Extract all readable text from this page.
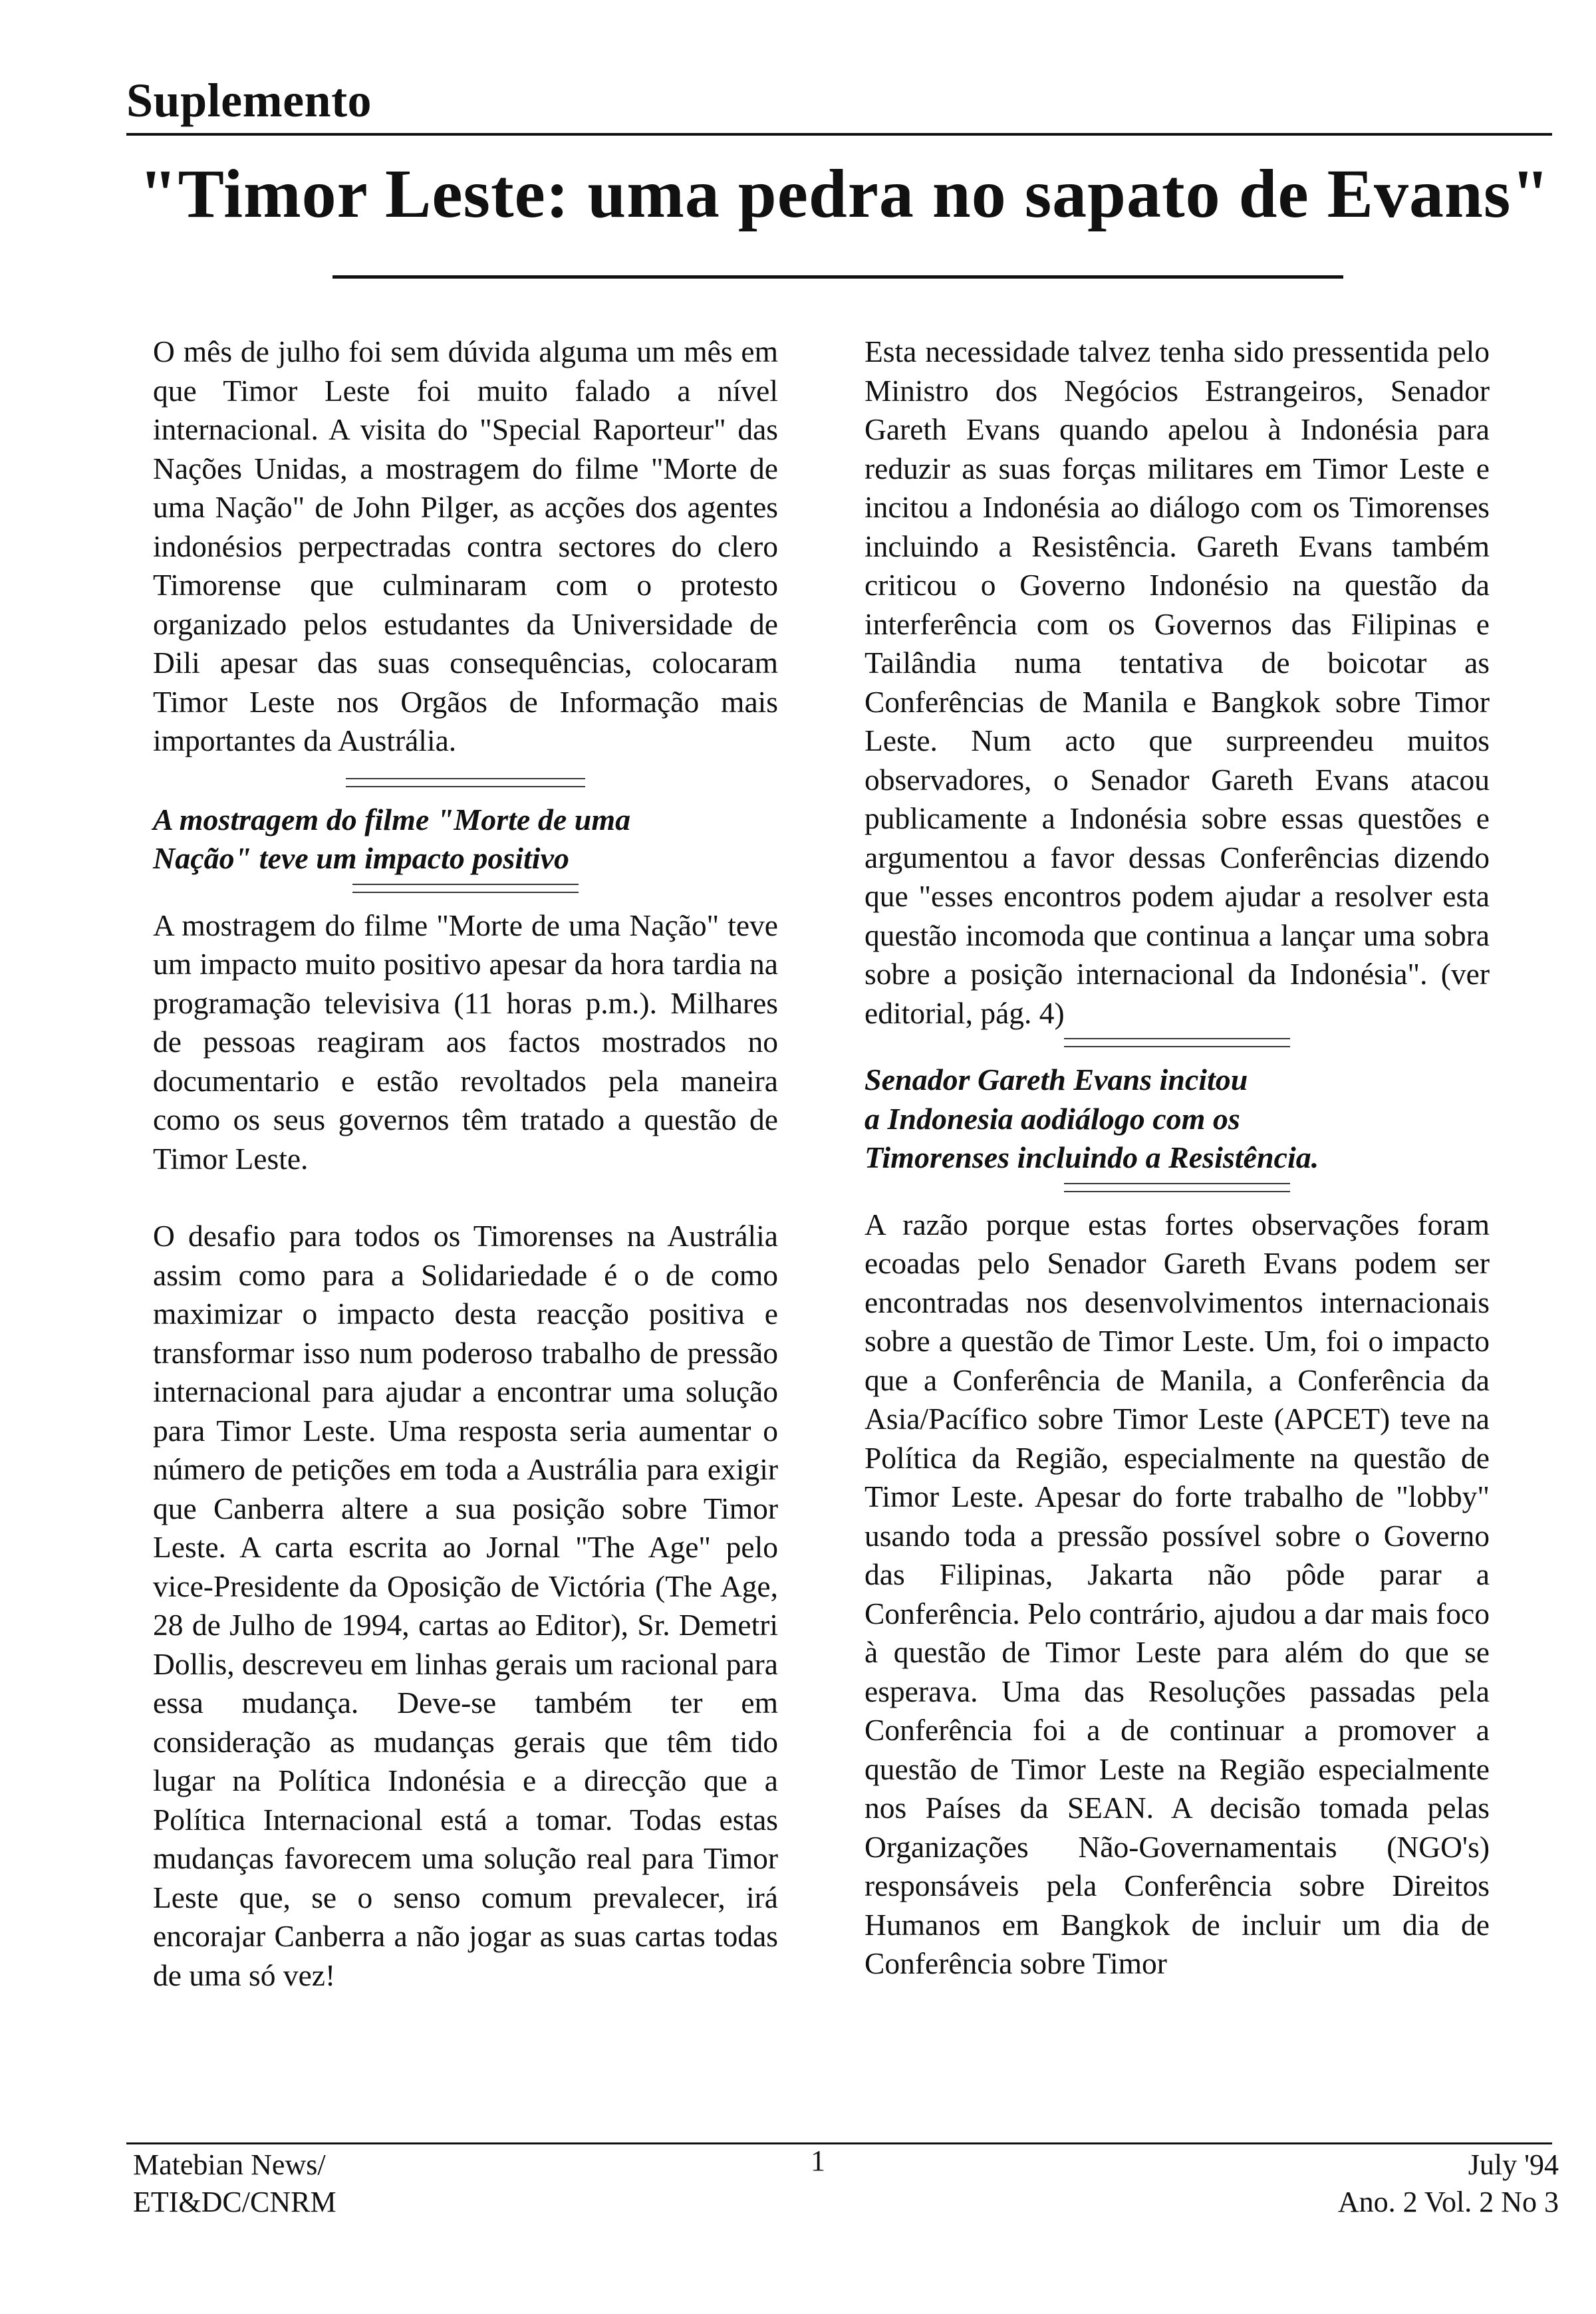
Suplemento
"Timor Leste: uma pedra no sapato de Evans"

O mês de julho foi sem dúvida alguma um mês em que Timor Leste foi muito falado a nível internacional. A visita do "Special Raporteur" das Nações Unidas, a mostragem do filme "Morte de uma Nação" de John Pilger, as acções dos agentes indonésios perpectradas contra sectores do clero Timorense que culminaram com o protesto organizado pelos estudantes da Universidade de Dili apesar das suas consequências, colocaram Timor Leste nos Orgãos de Informação mais importantes da Austrália.

A mostragem do filme "Morte de uma
Nação" teve um impacto positivo

A mostragem do filme "Morte de uma Nação" teve um impacto muito positivo apesar da hora tardia na programação televisiva (11 horas p.m.). Milhares de pessoas reagiram aos factos mostrados no documentario e estão revoltados pela maneira como os seus governos têm tratado a questão de Timor Leste.

O desafio para todos os Timorenses na Austrália assim como para a Solidariedade é o de como maximizar o impacto desta reacção positiva e transformar isso num poderoso trabalho de pressão internacional para ajudar a encontrar uma solução para Timor Leste. Uma resposta seria aumentar o número de petições em toda a Austrália para exigir que Canberra altere a sua posição sobre Timor Leste. A carta escrita ao Jornal "The Age" pelo vice-Presidente da Oposição de Victória (The Age, 28 de Julho de 1994, cartas ao Editor), Sr. Demetri Dollis, descreveu em linhas gerais um racional para essa mudança. Deve-se também ter em consideração as mudanças gerais que têm tido lugar na Política Indonésia e a direcção que a Política Internacional está a tomar. Todas estas mudanças favorecem uma solução real para Timor Leste que, se o senso comum prevalecer, irá encorajar Canberra a não jogar as suas cartas todas de uma só vez!

Esta necessidade talvez tenha sido pressentida pelo Ministro dos Negócios Estrangeiros, Senador Gareth Evans quando apelou à Indonésia para reduzir as suas forças militares em Timor Leste e incitou a Indonésia ao diálogo com os Timorenses incluindo a Resistência. Gareth Evans também criticou o Governo Indonésio na questão da interferência com os Governos das Filipinas e Tailândia numa tentativa de boicotar as Conferências de Manila e Bangkok sobre Timor Leste. Num acto que surpreendeu muitos observadores, o Senador Gareth Evans atacou publicamente a Indonésia sobre essas questões e argumentou a favor dessas Conferências dizendo que "esses encontros podem ajudar a resolver esta questão incomoda que continua a lançar uma sobra sobre a posição internacional da Indonésia". (ver editorial, pág. 4)

Senador Gareth Evans incitou
a Indonesia aodiálogo com os
Timorenses incluindo a Resistência.

A razão porque estas fortes observações foram ecoadas pelo Senador Gareth Evans podem ser encontradas nos desenvolvimentos internacionais sobre a questão de Timor Leste. Um, foi o impacto que a Conferência de Manila, a Conferência da Asia/Pacífico sobre Timor Leste (APCET) teve na Política da Região, especialmente na questão de Timor Leste. Apesar do forte trabalho de "lobby" usando toda a pressão possível sobre o Governo das Filipinas, Jakarta não pôde parar a Conferência. Pelo contrário, ajudou a dar mais foco à questão de Timor Leste para além do que se esperava. Uma das Resoluções passadas pela Conferência foi a de continuar a promover a questão de Timor Leste na Região especialmente nos Países da SEAN. A decisão tomada pelas Organizações Não-Governamentais (NGO's) responsáveis pela Conferência sobre Direitos Humanos em Bangkok de incluir um dia de Conferência sobre Timor

Matebian News/
ETI&DC/CNRM
1	July '94
Ano. 2 Vol. 2 No 3
